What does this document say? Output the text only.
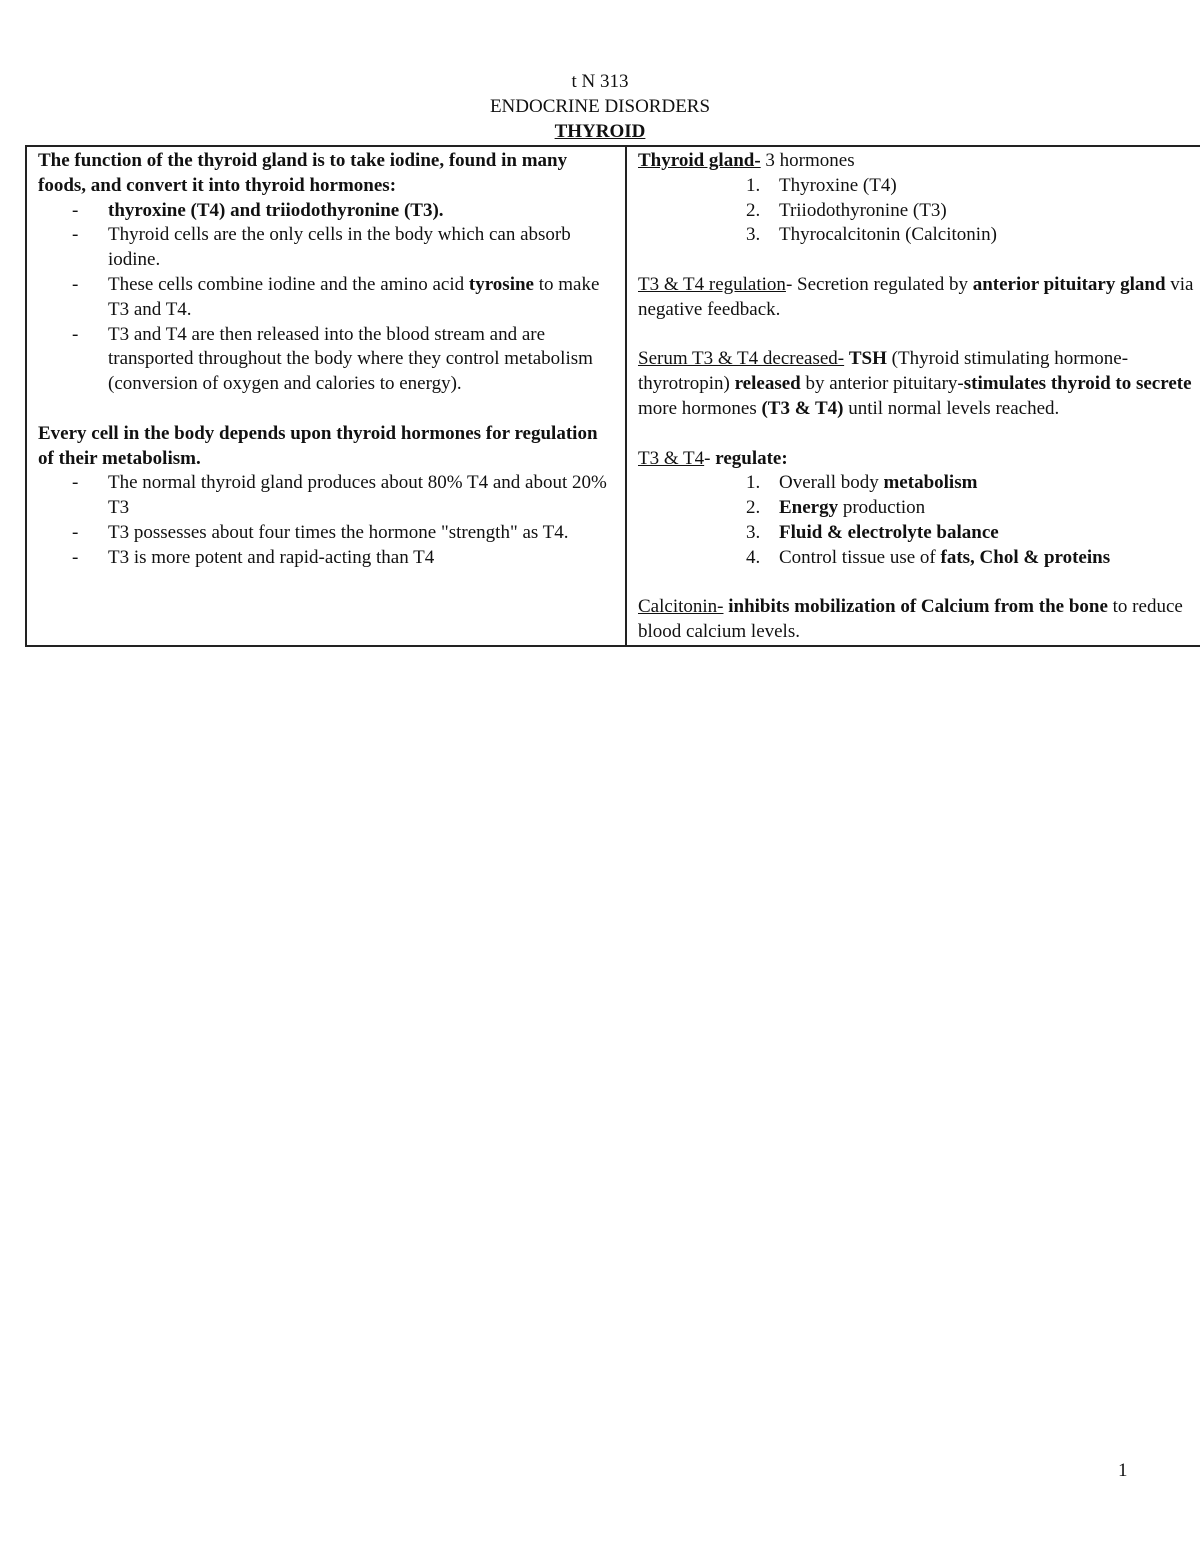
t N 313
ENDOCRINE DISORDERS
THYROID

The function of the thyroid gland is to take iodine, found in many foods, and convert it into thyroid hormones:

- thyroxine (T4) and triiodothyronine (T3).
- Thyroid cells are the only cells in the body which can absorb iodine.
- These cells combine iodine and the amino acid tyrosine to make T3 and T4.
- T3 and T4 are then released into the blood stream and are transported throughout the body where they control metabolism (conversion of oxygen and calories to energy).

Every cell in the body depends upon thyroid hormones for regulation of their metabolism.

- The normal thyroid gland produces about 80% T4 and about 20% T3
- T3 possesses about four times the hormone "strength" as T4.
- T3 is more potent and rapid-acting than T4

Thyroid gland- 3 hormones

1. Thyroxine (T4)
2. Triiodothyronine (T3)
3. Thyrocalcitonin (Calcitonin)

T3 & T4 regulation- Secretion regulated by anterior pituitary gland via negative feedback.

Serum T3 & T4 decreased- TSH (Thyroid stimulating hormone-thyrotropin) released by anterior pituitary-stimulates thyroid to secrete more hormones (T3 & T4) until normal levels reached.

T3 & T4- regulate:

1. Overall body metabolism
2. Energy production
3. Fluid & electrolyte balance
4. Control tissue use of fats, Chol & proteins

Calcitonin- inhibits mobilization of Calcium from the bone to reduce blood calcium levels.

1
